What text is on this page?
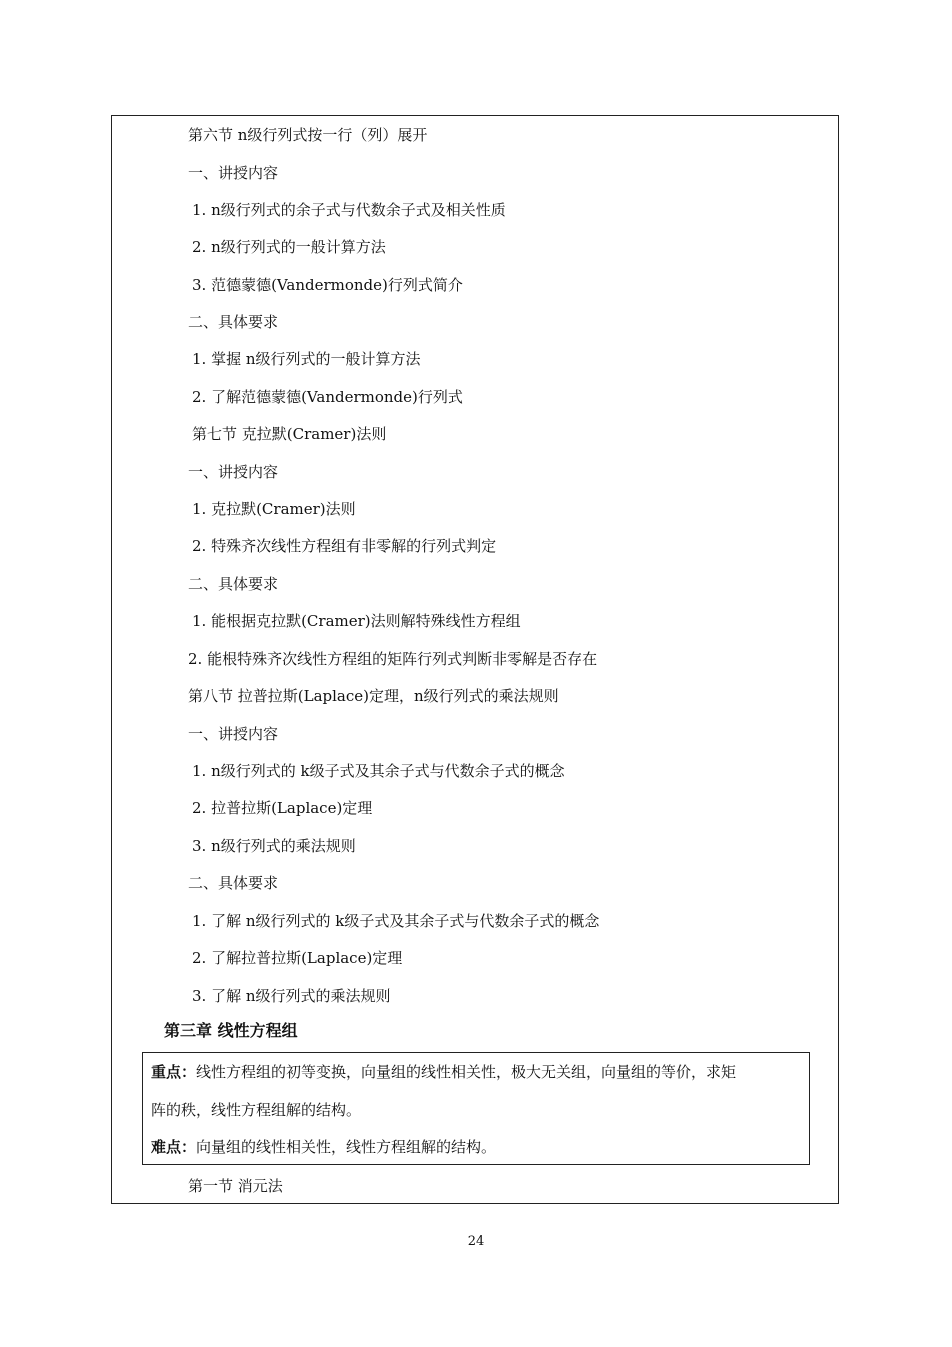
第六节 n级行列式按一行（列）展开
一、讲授内容
1. n级行列式的余子式与代数余子式及相关性质
2. n级行列式的一般计算方法
3. 范德蒙德(Vandermonde)行列式简介
二、具体要求
1. 掌握 n级行列式的一般计算方法
2. 了解范德蒙德(Vandermonde)行列式
第七节 克拉默(Cramer)法则
一、讲授内容
1. 克拉默(Cramer)法则
2. 特殊齐次线性方程组有非零解的行列式判定
二、具体要求
1. 能根据克拉默(Cramer)法则解特殊线性方程组
2. 能根特殊齐次线性方程组的矩阵行列式判断非零解是否存在
第八节 拉普拉斯(Laplace)定理，n级行列式的乘法规则
一、讲授内容
1. n级行列式的 k级子式及其余子式与代数余子式的概念
2. 拉普拉斯(Laplace)定理
3. n级行列式的乘法规则
二、具体要求
1. 了解 n级行列式的 k级子式及其余子式与代数余子式的概念
2. 了解拉普拉斯(Laplace)定理
3. 了解 n级行列式的乘法规则
第三章 线性方程组
重点：线性方程组的初等变换，向量组的线性相关性，极大无关组，向量组的等价，求矩
阵的秩，线性方程组解的结构。
难点：向量组的线性相关性，线性方程组解的结构。
第一节 消元法
24
